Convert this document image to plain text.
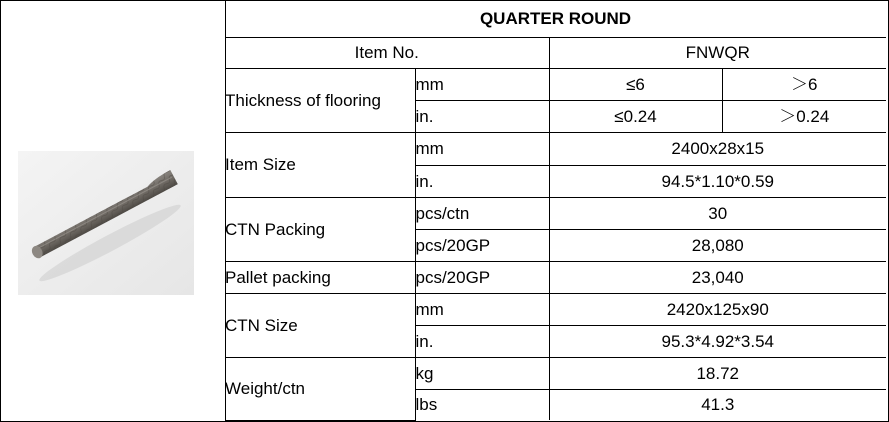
QUARTER ROUND			
Item No.		FNWQR	
Thickness of flooring	mm	≤6	＞6
	in.	≤0.24	＞0.24
Item Size	mm	2400x28x15	
	in.	94.5*1.10*0.59	
CTN Packing	pcs/ctn	30	
	pcs/20GP	28,080	
Pallet packing	pcs/20GP	23,040	
CTN Size	mm	2420x125x90	
	in.	95.3*4.92*3.54	
Weight/ctn	kg	18.72	
	lbs	41.3	
